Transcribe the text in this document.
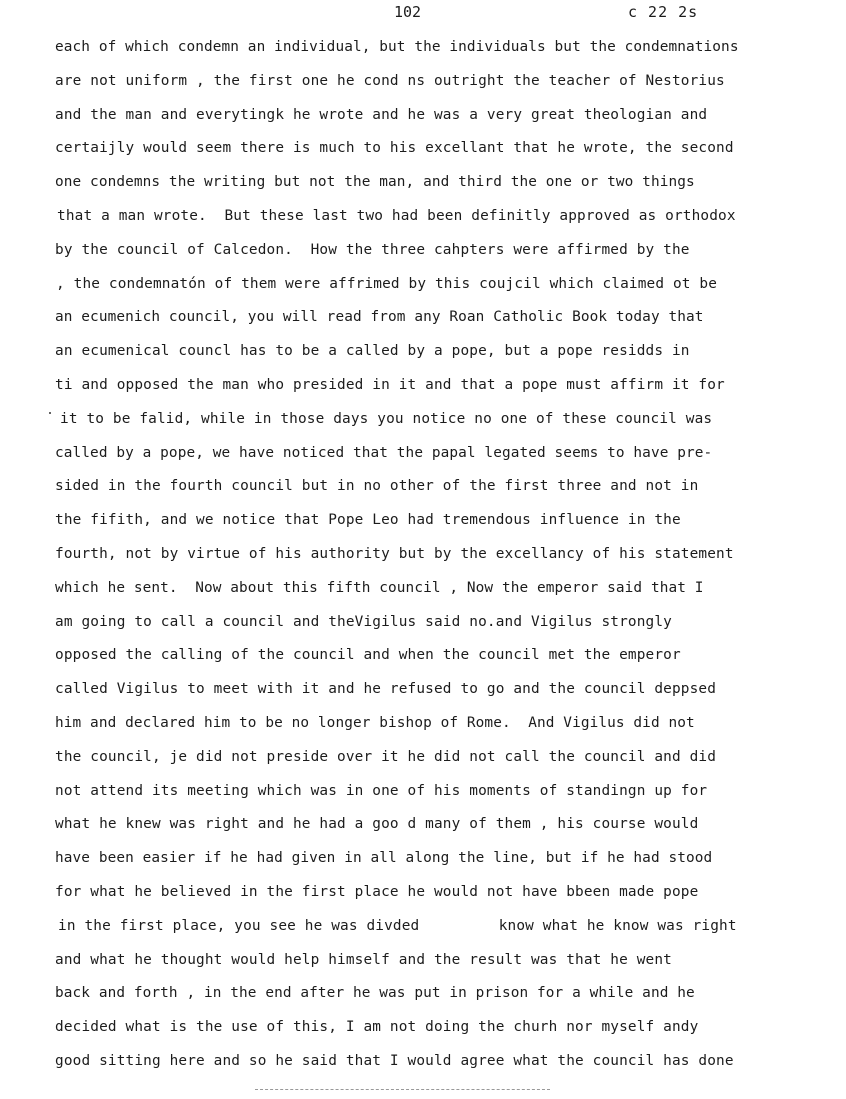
102	c 22 2s
each of which condemn an individual, but the individuals but the condemnations
are not uniform , the first one he cond ns outright the teacher of Nestorius
and the man and everytingk he wrote and he was a very great theologian and
certaijly would seem there is much to his excellant that he wrote, the second
one condemns the writing but not the man, and third the one or two things
that a man wrote.  But these last two had been definitly approved as orthodox
by the council of Calcedon.  How the three cahpters were affirmed by the
, the condemnatón of them were affrimed by this coujcil which claimed ot be
an ecumenich council, you will read from any Roan Catholic Book today that
an ecumenical councl has to be a called by a pope, but a pope residds in
ti and opposed the man who presided in it and that a pope must affirm it for
it to be falid, while in those days you notice no one of these council was
called by a pope, we have noticed that the papal legated seems to have pre-
sided in the fourth council but in no other of the first three and not in
the fifith, and we notice that Pope Leo had tremendous influence in the
fourth, not by virtue of his authority but by the excellancy of his statement
which he sent.  Now about this fifth council , Now the emperor said that I
am going to call a council and theVigilus said no.and Vigilus strongly
opposed the calling of the council and when the council met the emperor
called Vigilus to meet with it and he refused to go and the council deppsed
him and declared him to be no longer bishop of Rome.  And Vigilus did not
the council, je did not preside over it he did not call the council and did
not attend its meeting which was in one of his moments of standingn up for
what he knew was right and he had a goo d many of them , his course would
have been easier if he had given in all along the line, but if he had stood
for what he believed in the first place he would not have bbeen made pope
in the first place, you see he was divded         know what he know was right
and what he thought would help himself and the result was that he went
back and forth , in the end after he was put in prison for a while and he
decided what is the use of this, I am not doing the churh nor myself andy
good sitting here and so he said that I would agree what the council has done
